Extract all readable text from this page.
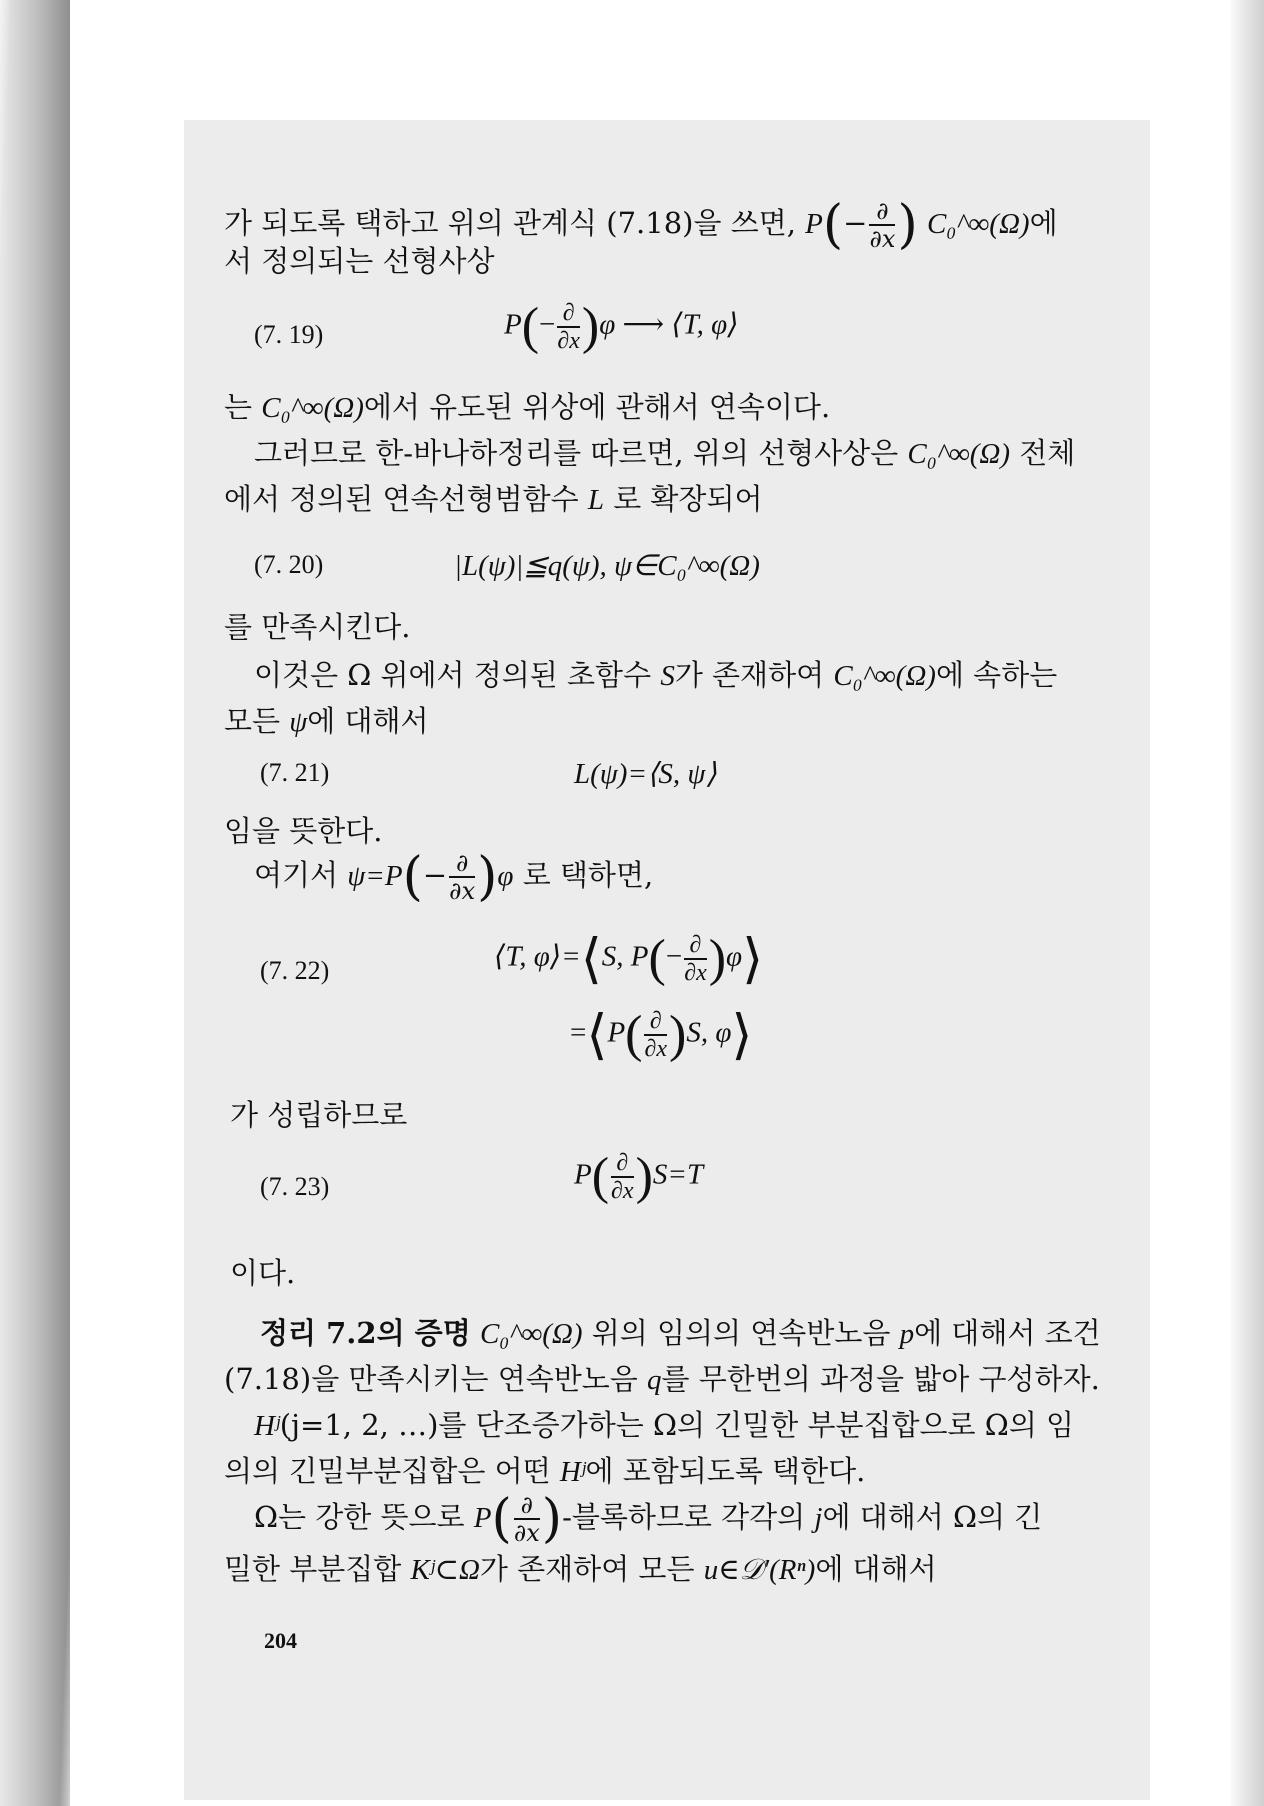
가 되도록 택하고 위의 관계식 (7.18)을 쓰면, $P(- \frac{\partial}{\partial x}$ ) C₀^∞(Ω)에
서 정의되는 선형사상
(7. 19)	$P(- \frac{\partial}{\partial x} )\varphi$ ⟶ ⟨T, φ⟩
는 C₀^∞(Ω)에서 유도된 위상에 관해서 연속이다.
그러므로 한-바나하정리를 따르면, 위의 선형사상은 C₀^∞(Ω) 전체
에서 정의된 연속선형범함수 L 로 확장되어
(7. 20)	|L(ψ)|≦q(ψ), ψ∈C₀^∞(Ω)
를 만족시킨다.
이것은 Ω 위에서 정의된 초함수 S가 존재하여 C₀^∞(Ω)에 속하는
모든 ψ에 대해서
(7. 21)	L(ψ)=⟨S, ψ⟩
임을 뜻한다.
여기서 $\psi=P(- \frac{\partial}{\partial x} )\varphi$ 로 택하면,
(7. 22)	⟨T, φ⟩=⟨S, $P(- \frac{\partial}{\partial x}$ )φ⟩
=⟨P( $\frac{\partial}{\partial x} )S$, φ⟩
가 성립하므로
(7. 23)	$P( \frac{\partial}{\partial x} )S=T$
이다.
정리 7.2의 증명 C₀^∞(Ω) 위의 임의의 연속반노음 p에 대해서 조건
(7.18)을 만족시키는 연속반노음 q를 무한번의 과정을 밟아 구성하자.
Hʲ(j=1, 2, …)를 단조증가하는 Ω의 긴밀한 부분집합으로 Ω의 임
의의 긴밀부분집합은 어떤 Hʲ에 포함되도록 택한다.
Ω는 강한 뜻으로 $P( \frac{\partial}{\partial x}$ )-블록하므로 각각의 j에 대해서 Ω의 긴
밀한 부분집합 Kʲ⊂Ω가 존재하여 모든 u∈𝒟′(Rⁿ)에 대해서
204
